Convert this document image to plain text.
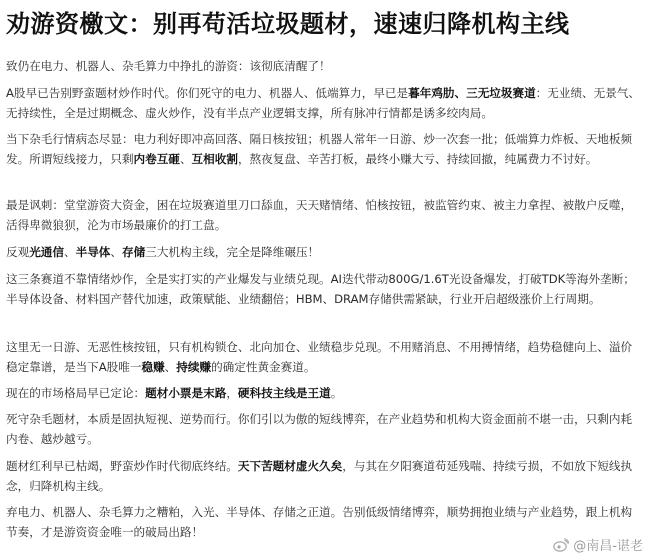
劝游资檄文：别再苟活垃圾题材，速速归降机构主线
致仍在电力、机器人、杂毛算力中挣扎的游资：该彻底清醒了！
A股早已告别野蛮题材炒作时代。你们死守的电力、机器人、低端算力，早已是暮年鸡肋、三无垃圾赛道：无业绩、无景气、无持续性，全是过期概念、虚火炒作，没有半点产业逻辑支撑，所有脉冲行情都是诱多绞肉局。
当下杂毛行情病态尽显：电力利好即冲高回落、隔日核按钮；机器人常年一日游、炒一次套一批；低端算力炸板、天地板频发。所谓短线接力，只剩内卷互砸、互相收割，熬夜复盘、辛苦打板，最终小赚大亏、持续回撤，纯属费力不讨好。
最是讽刺：堂堂游资大资金，困在垃圾赛道里刀口舔血，天天赌情绪、怕核按钮，被监管约束、被主力拿捏、被散户反噬，活得卑微狼狈，沦为市场最廉价的打工盘。
反观光通信、半导体、存储三大机构主线，完全是降维碾压！
这三条赛道不靠情绪炒作，全是实打实的产业爆发与业绩兑现。AI迭代带动800G/1.6T光设备爆发，打破TDK等海外垄断；半导体设备、材料国产替代加速，政策赋能、业绩翻倍；HBM、DRAM存储供需紧缺，行业开启超级涨价上行周期。
这里无一日游、无恶性核按钮，只有机构锁仓、北向加仓、业绩稳步兑现。不用赌消息、不用搏情绪，趋势稳健向上、溢价稳定靠谱，是当下A股唯一稳赚、持续赚的确定性黄金赛道。
现在的市场格局早已定论：题材小票是末路，硬科技主线是王道。
死守杂毛题材，本质是固执短视、逆势而行。你们引以为傲的短线博弈，在产业趋势和机构大资金面前不堪一击，只剩内耗内卷、越炒越亏。
题材红利早已枯竭，野蛮炒作时代彻底终结。天下苦题材虚火久矣，与其在夕阳赛道苟延残喘、持续亏损，不如放下短线执念，归降机构主线。
弃电力、机器人、杂毛算力之糟粕，入光、半导体、存储之正道。告别低级情绪博弈，顺势拥抱业绩与产业趋势，跟上机构节奏，才是游资资金唯一的破局出路！
@南昌-谌老
